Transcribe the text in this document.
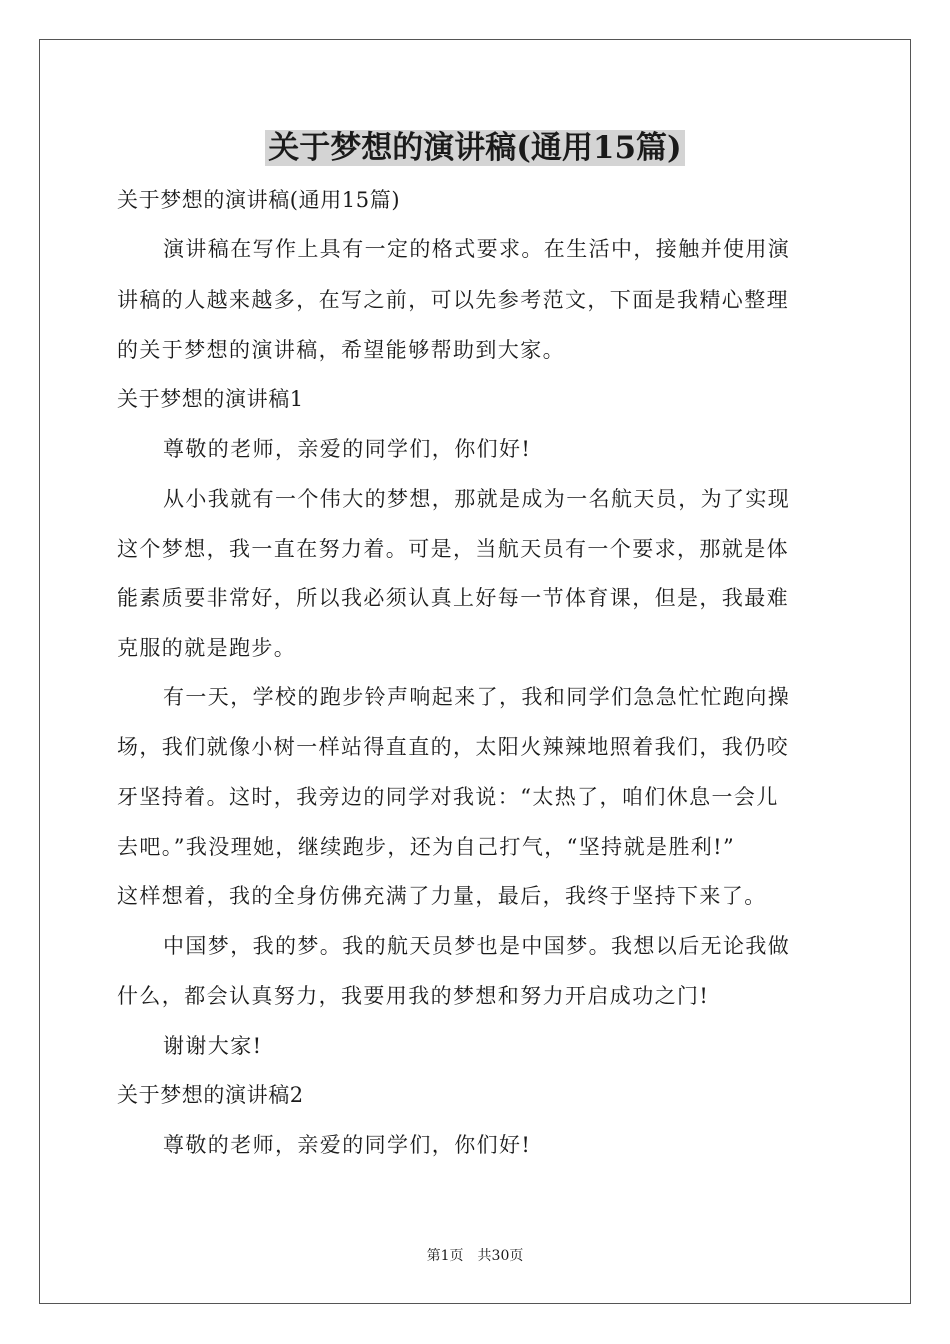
关于梦想的演讲稿(通用15篇)
关于梦想的演讲稿(通用15篇)
演讲稿在写作上具有一定的格式要求。在生活中，接触并使用演
讲稿的人越来越多，在写之前，可以先参考范文，下面是我精心整理
的关于梦想的演讲稿，希望能够帮助到大家。
关于梦想的演讲稿1
尊敬的老师，亲爱的同学们，你们好!
从小我就有一个伟大的梦想，那就是成为一名航天员，为了实现
这个梦想，我一直在努力着。可是，当航天员有一个要求，那就是体
能素质要非常好，所以我必须认真上好每一节体育课，但是，我最难
克服的就是跑步。
有一天，学校的跑步铃声响起来了，我和同学们急急忙忙跑向操
场，我们就像小树一样站得直直的，太阳火辣辣地照着我们，我仍咬
牙坚持着。这时，我旁边的同学对我说：“太热了，咱们休息一会儿
去吧。”我没理她，继续跑步，还为自己打气，“坚持就是胜利!”
这样想着，我的全身仿佛充满了力量，最后，我终于坚持下来了。
中国梦，我的梦。我的航天员梦也是中国梦。我想以后无论我做
什么，都会认真努力，我要用我的梦想和努力开启成功之门!
谢谢大家!
关于梦想的演讲稿2
尊敬的老师，亲爱的同学们，你们好!
第1页 共30页
